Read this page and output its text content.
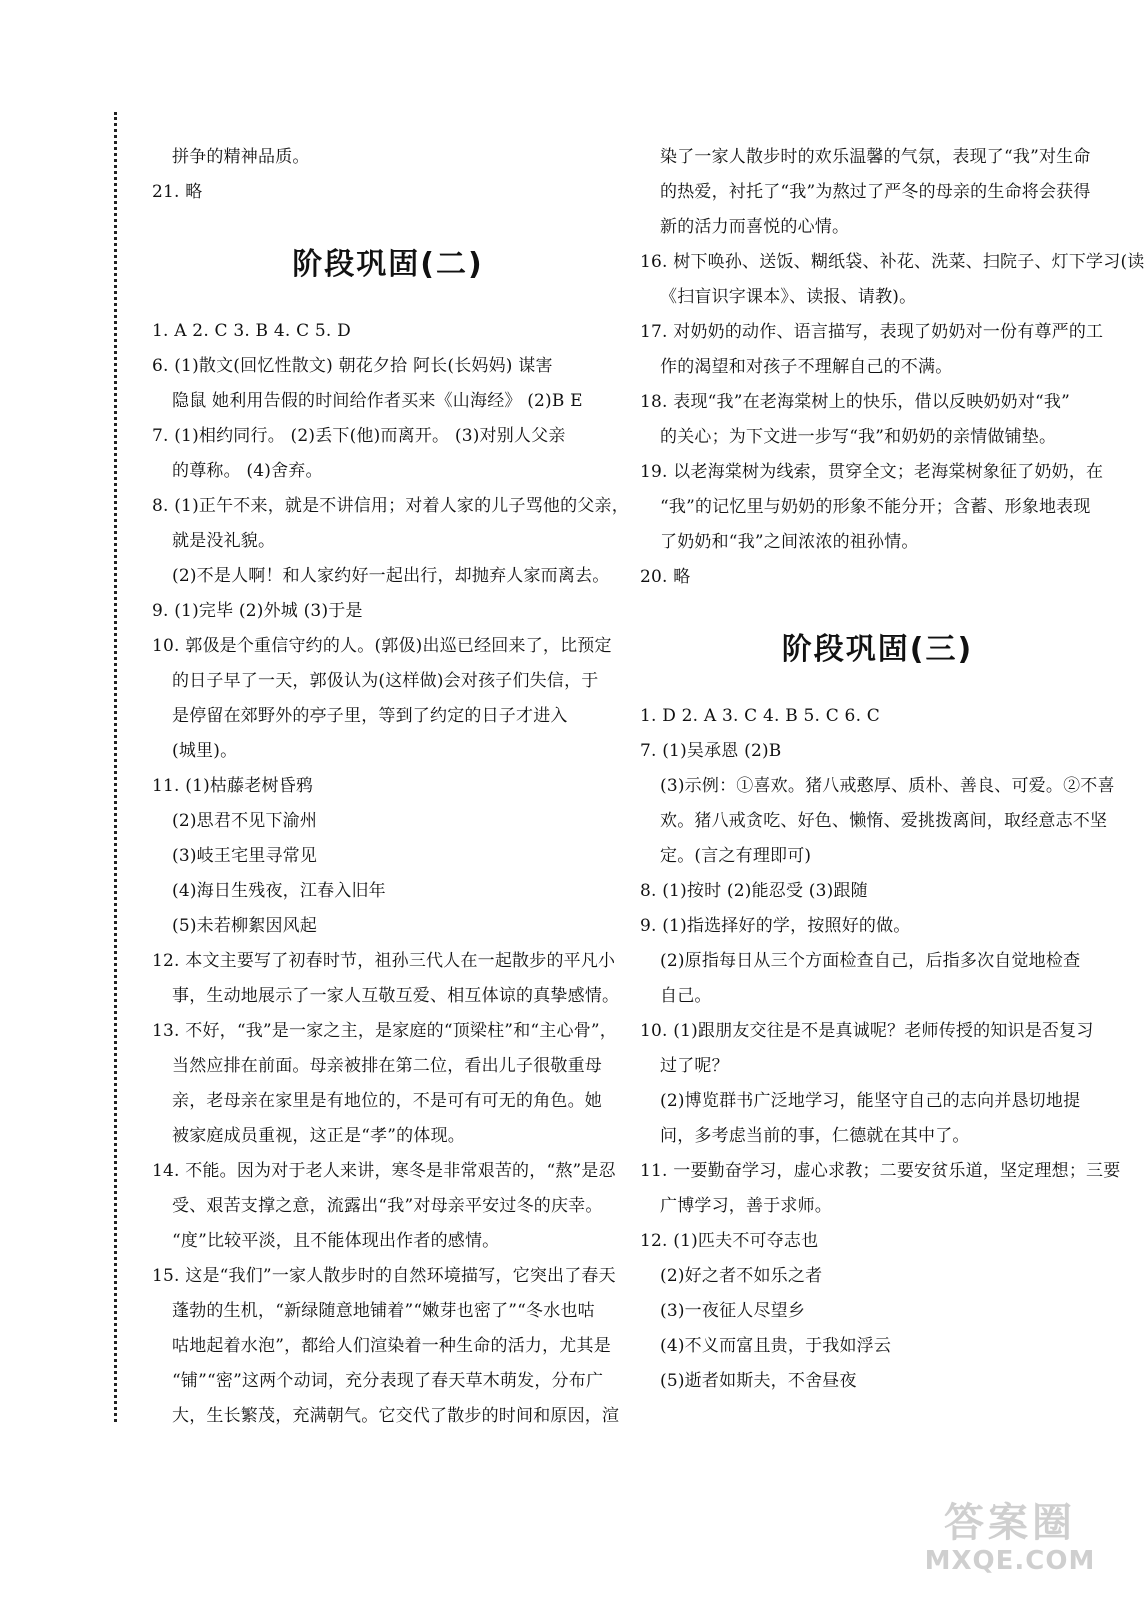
拼争的精神品质。
21. 略
阶段巩固(二)
1. A 2. C 3. B 4. C 5. D
6. (1)散文(回忆性散文) 朝花夕拾 阿长(长妈妈) 谋害
隐鼠 她利用告假的时间给作者买来《山海经》 (2)B E
7. (1)相约同行。 (2)丢下(他)而离开。 (3)对别人父亲
的尊称。 (4)舍弃。
8. (1)正午不来，就是不讲信用；对着人家的儿子骂他的父亲，
就是没礼貌。
(2)不是人啊！和人家约好一起出行，却抛弃人家而离去。
9. (1)完毕 (2)外城 (3)于是
10. 郭伋是个重信守约的人。(郭伋)出巡已经回来了，比预定
的日子早了一天，郭伋认为(这样做)会对孩子们失信，于
是停留在郊野外的亭子里，等到了约定的日子才进入
(城里)。
11. (1)枯藤老树昏鸦
(2)思君不见下渝州
(3)岐王宅里寻常见
(4)海日生残夜，江春入旧年
(5)未若柳絮因风起
12. 本文主要写了初春时节，祖孙三代人在一起散步的平凡小
事，生动地展示了一家人互敬互爱、相互体谅的真挚感情。
13. 不好，“我”是一家之主，是家庭的“顶梁柱”和“主心骨”，
当然应排在前面。母亲被排在第二位，看出儿子很敬重母
亲，老母亲在家里是有地位的，不是可有可无的角色。她
被家庭成员重视，这正是“孝”的体现。
14. 不能。因为对于老人来讲，寒冬是非常艰苦的，“熬”是忍
受、艰苦支撑之意，流露出“我”对母亲平安过冬的庆幸。
“度”比较平淡，且不能体现出作者的感情。
15. 这是“我们”一家人散步时的自然环境描写，它突出了春天
蓬勃的生机，“新绿随意地铺着”“嫩芽也密了”“冬水也咕
咕地起着水泡”，都给人们渲染着一种生命的活力，尤其是
“铺”“密”这两个动词，充分表现了春天草木萌发，分布广
大，生长繁茂，充满朝气。它交代了散步的时间和原因，渲
染了一家人散步时的欢乐温馨的气氛，表现了“我”对生命
的热爱，衬托了“我”为熬过了严冬的母亲的生命将会获得
新的活力而喜悦的心情。
16. 树下唤孙、送饭、糊纸袋、补花、洗菜、扫院子、灯下学习(读
《扫盲识字课本》、读报、请教)。
17. 对奶奶的动作、语言描写，表现了奶奶对一份有尊严的工
作的渴望和对孩子不理解自己的不满。
18. 表现“我”在老海棠树上的快乐，借以反映奶奶对“我”
的关心；为下文进一步写“我”和奶奶的亲情做铺垫。
19. 以老海棠树为线索，贯穿全文；老海棠树象征了奶奶，在
“我”的记忆里与奶奶的形象不能分开；含蓄、形象地表现
了奶奶和“我”之间浓浓的祖孙情。
20. 略
阶段巩固(三)
1. D 2. A 3. C 4. B 5. C 6. C
7. (1)吴承恩 (2)B
(3)示例：①喜欢。猪八戒憨厚、质朴、善良、可爱。②不喜
欢。猪八戒贪吃、好色、懒惰、爱挑拨离间，取经意志不坚
定。(言之有理即可)
8. (1)按时 (2)能忍受 (3)跟随
9. (1)指选择好的学，按照好的做。
(2)原指每日从三个方面检查自己，后指多次自觉地检查
自己。
10. (1)跟朋友交往是不是真诚呢？老师传授的知识是否复习
过了呢？
(2)博览群书广泛地学习，能坚守自己的志向并恳切地提
问，多考虑当前的事，仁德就在其中了。
11. 一要勤奋学习，虚心求教；二要安贫乐道，坚定理想；三要
广博学习，善于求师。
12. (1)匹夫不可夺志也
(2)好之者不如乐之者
(3)一夜征人尽望乡
(4)不义而富且贵，于我如浮云
(5)逝者如斯夫，不舍昼夜
答案圈
MXQE.COM
